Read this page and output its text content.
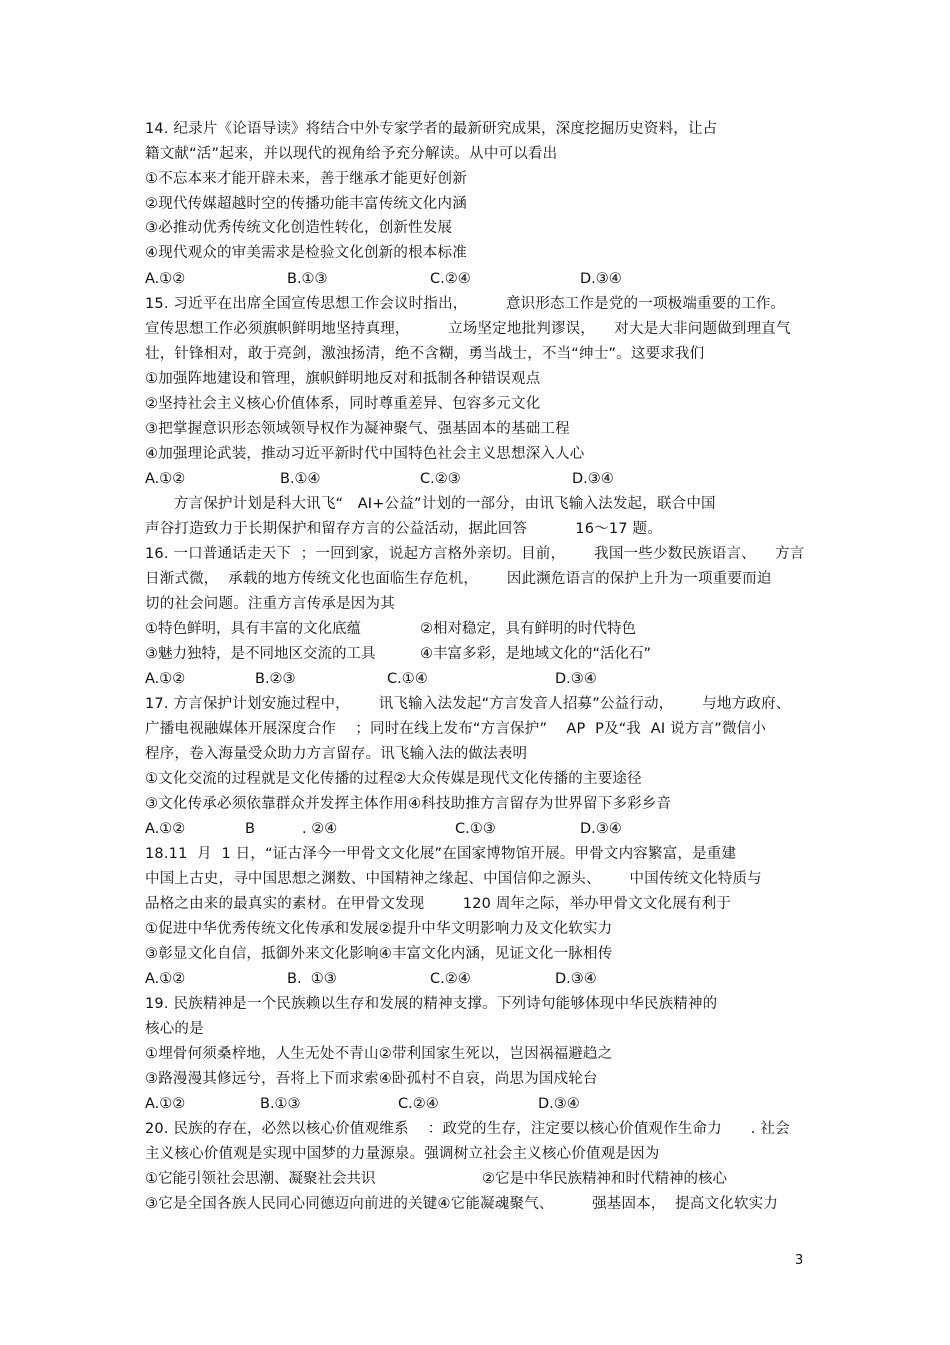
14. 纪录片《论语导读》将结合中外专家学者的最新研究成果，深度挖掘历史资料，让占
籍文献“活”起来，并以现代的视角给予充分解读。从中可以看出
①不忘本来才能开辟未来，善于继承才能更好创新
②现代传媒超越时空的传播功能丰富传统文化内涵
③必推动优秀传统文化创造性转化，创新性发展
④现代观众的审美需求是检验文化创新的根本标准
A.①②	B.①③	C.②④	D.③④
15. 习近平在出席全国宣传思想工作会议时指出，        意识形态工作是党的一项极端重要的工作。
宣传思想工作必须旗帜鲜明地坚持真理，        立场坚定地批判谬误，    对大是大非问题做到理直气
壮，针锋相对，敢于亮剑，激浊扬清，绝不含糊，勇当战士，不当“绅士”。这要求我们
①加强阵地建设和管理，旗帜鲜明地反对和抵制各种错误观点
②坚持社会主义核心价值体系，同时尊重差异、包容多元文化
③把掌握意识形态领域领导权作为凝神聚气、强基固本的基础工程
④加强理论武装，推动习近平新时代中国特色社会主义思想深入人心
A.①②	B.①④	C.②③	D.③④
方言保护计划是科大讯飞“   AI+公益”计划的一部分，由讯飞输入法发起，联合中国
声谷打造致力于长期保护和留存方言的公益活动，据此回答          16～17 题。
16. 一口普通话走天下  ；一回到家，说起方言格外亲切。目前，      我国一些少数民族语言、    方言
日渐式微，  承载的地方传统文化也面临生存危机，      因此濒危语言的保护上升为一项重要而迫
切的社会问题。注重方言传承是因为其
①特色鲜明，具有丰富的文化底蕴	②相对稳定，具有鲜明的时代特色
③魅力独特，是不同地区交流的工具	④丰富多彩，是地域文化的“活化石”
A.①②	B.②③	C.①④	D.③④
17. 方言保护计划安施过程中，      讯飞输入法发起“方言发音人招募”公益行动，      与地方政府、
广播电视融媒体开展深度合作    ；同时在线上发布“方言保护”    AP  P及“我  AI 说方言”微信小
程序，卷入海量受众助力方言留存。讯飞输入法的做法表明
①文化交流的过程就是文化传播的过程②大众传媒是现代文化传播的主要途径
③文化传承必须依靠群众并发挥主体作用④科技助推方言留存为世界留下多彩乡音
A.①②	B	. ②④	C.①③	D.③④
18.11  月  1 日，“证古泽今一甲骨文文化展”在国家博物馆开展。甲骨文内容繁富，是重建
中国上古史，寻中国思想之渊数、中国精神之缘起、中国信仰之源头、      中国传统文化特质与
品格之由来的最真实的素材。在甲骨文发现        120 周年之际，举办甲骨文文化展有利于
①促进中华优秀传统文化传承和发展②提升中华文明影响力及文化软实力
③彰显文化自信，抵御外来文化影响④丰富文化内涵，见证文化一脉相传
A.①②	B.  ①③	C.②④	D.③④
19. 民族精神是一个民族赖以生存和发展的精神支撑。下列诗句能够体现中华民族精神的
核心的是
①埋骨何须桑梓地，人生无处不青山②带利国家生死以，岂因祸福避趋之
③路漫漫其修远兮，吾将上下而求索④卧孤村不自哀，尚思为国戍轮台
A.①②	B.①③	C.②④	D.③④
20. 民族的存在，必然以核心价值观维系    ：政党的生存，注定要以核心价值观作生命力      . 社会
主义核心价值观是实现中国梦的力量源泉。强调树立社会主义核心价值观是因为
①它能引领社会思潮、凝聚社会共识	②它是中华民族精神和时代精神的核心
③它是全国各族人民同心同德迈向前进的关键④它能凝魂聚气、        强基固本，  提高文化软实力
3
